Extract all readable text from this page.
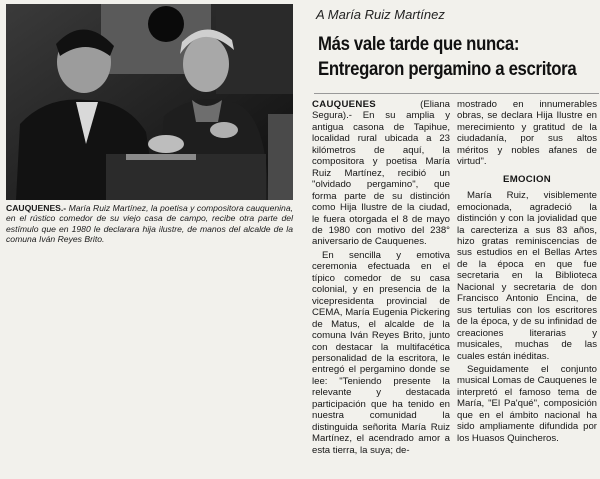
CAUQUENES.- María Ruiz Martínez, la poetisa y compositora cauquenina, en el rústico comedor de su viejo casa de campo, recibe otra parte del estímulo que en 1980 le declarara hija ilustre, de manos del alcalde de la comuna Iván Reyes Brito.
A María Ruiz Martínez
Más vale tarde que nunca:
Entregaron pergamino a escritora

CAUQUENES (Eliana Segura).- En su amplia y antigua casona de Tapihue, localidad rural ubicada a 23 kilómetros de aquí, la compositora y poetisa María Ruiz Martínez, recibió un "olvidado pergamino", que forma parte de su distinción como Hija Ilustre de la ciudad, le fuera otorgada el 8 de mayo de 1980 con motivo del 238° aniversario de Cauquenes.

En sencilla y emotiva ceremonia efectuada en el típico comedor de su casa colonial, y en presencia de la vicepresidenta provincial de CEMA, María Eugenia Pickering de Matus, el alcalde de la comuna Iván Reyes Brito, junto con destacar la multifacética personalidad de la escritora, le entregó el pergamino donde se lee: "Teniendo presente la relevante y destacada participación que ha tenido en nuestra comunidad la distinguida señorita María Ruiz Martínez, el acendrado amor a esta tierra, la suya; de-

mostrado en innumerables obras, se declara Hija Ilustre en merecimiento y gratitud de la ciudadanía, por sus altos méritos y nobles afanes de virtud".

EMOCION

María Ruiz, visiblemente emocionada, agradeció la distinción y con la jovialidad que la carecteriza a sus 83 años, hizo gratas reminiscencias de sus estudios en el Bellas Artes de la época en que fue secretaria en la Biblioteca Nacional y secretaria de don Francisco Antonio Encina, de sus tertulias con los escritores de la época, y de su infinidad de creaciones literarias y musicales, muchas de las cuales están inéditas.

Seguidamente el conjunto musical Lomas de Cauquenes le interpretó el famoso tema de María, "El Pa'qué", composición que en el ámbito nacional ha sido ampliamente difundida por los Huasos Quincheros.
